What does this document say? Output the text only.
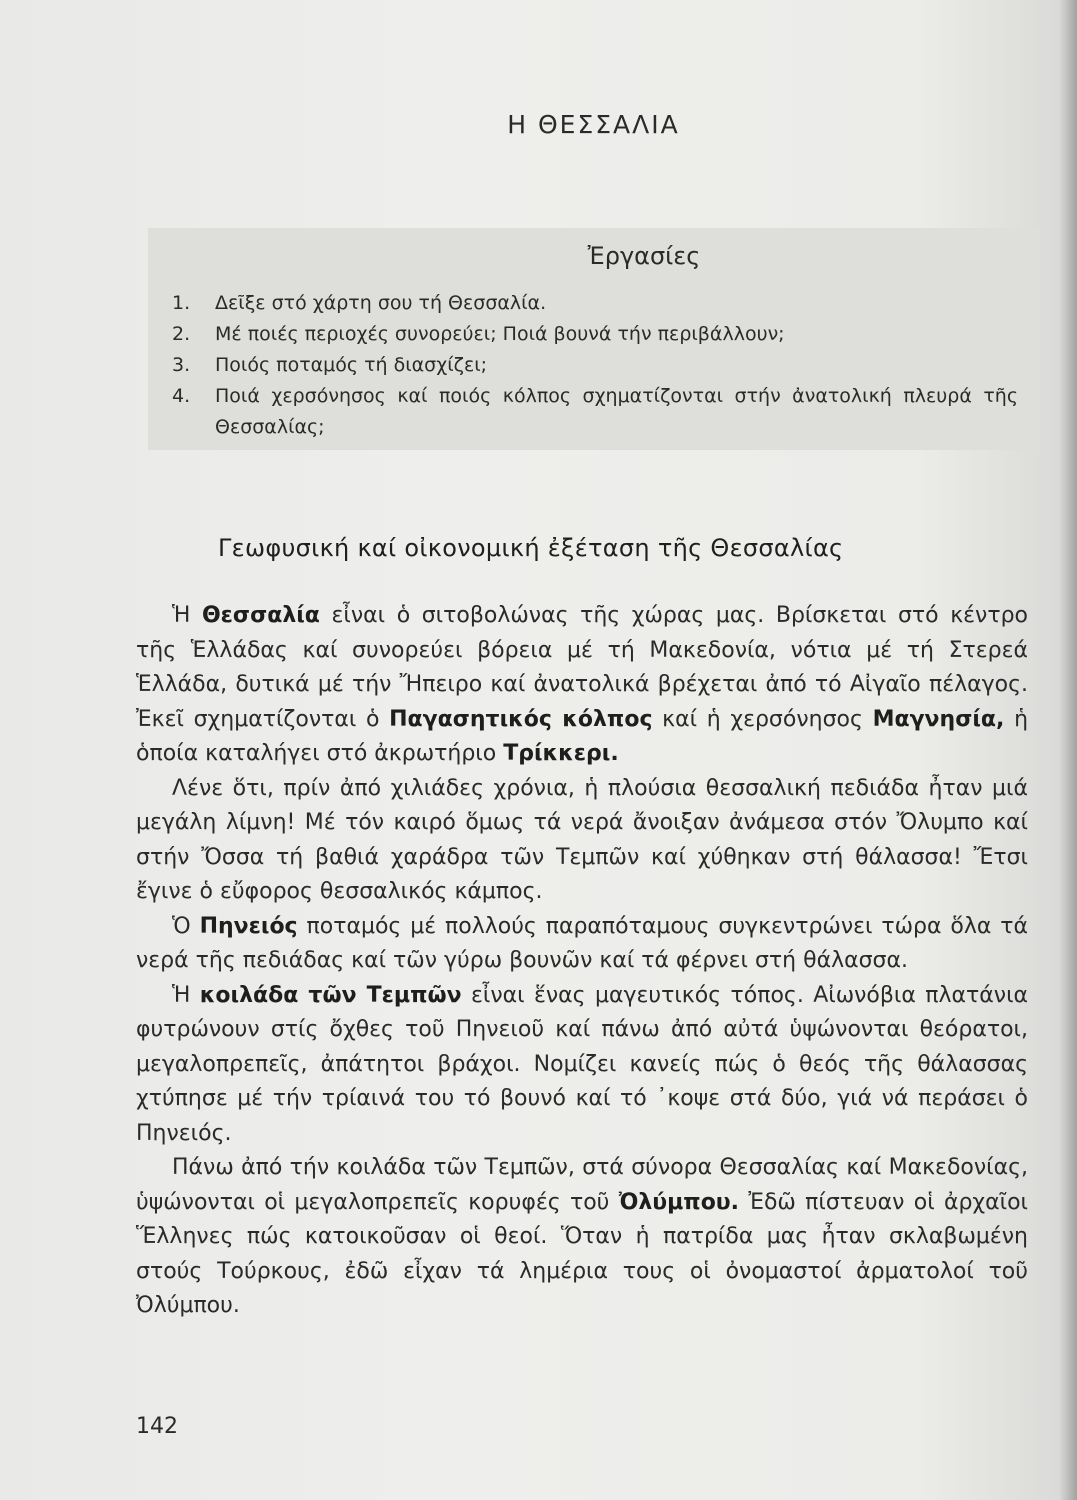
Η ΘΕΣΣΑΛΙΑ
Ἐργασίες
1.	Δεῖξε στό χάρτη σου τή Θεσσαλία.
2.	Μέ ποιές περιοχές συνορεύει; Ποιά βουνά τήν περιβάλλουν;
3.	Ποιός ποταμός τή διασχίζει;
4.	Ποιά χερσόνησος καί ποιός κόλπος σχηματίζονται στήν ἀνατολική πλευρά τῆς Θεσσαλίας;
Γεωφυσική καί οἰκονομική ἐξέταση τῆς Θεσσαλίας

Ἡ Θεσσαλία εἶναι ὁ σιτοβολώνας τῆς χώρας μας. Βρίσκεται στό κέντρο τῆς Ἑλλάδας καί συνορεύει βόρεια μέ τή Μακεδονία, νότια μέ τή Στερεά Ἑλλάδα, δυτικά μέ τήν Ἤπειρο καί ἀνατολικά βρέχεται ἀπό τό Αἰγαῖο πέλαγος. Ἐκεῖ σχηματίζονται ὁ Παγασητικός κόλπος καί ἡ χερσόνησος Μαγνησία, ἡ ὁποία καταλήγει στό ἀκρωτήριο Τρίκκερι.

Λένε ὅτι, πρίν ἀπό χιλιάδες χρόνια, ἡ πλούσια θεσσαλική πεδιάδα ἦταν μιά μεγάλη λίμνη! Μέ τόν καιρό ὅμως τά νερά ἄνοιξαν ἀνάμεσα στόν Ὄλυμπο καί στήν Ὄσσα τή βαθιά χαράδρα τῶν Τεμπῶν καί χύθηκαν στή θάλασσα! Ἔτσι ἔγινε ὁ εὔφορος θεσσαλικός κάμπος.

Ὁ Πηνειός ποταμός μέ πολλούς παραπόταμους συγκεντρώνει τώρα ὅλα τά νερά τῆς πεδιάδας καί τῶν γύρω βουνῶν καί τά φέρνει στή θάλασσα.

Ἡ κοιλάδα τῶν Τεμπῶν εἶναι ἕνας μαγευτικός τόπος. Αἰωνόβια πλατάνια φυτρώνουν στίς ὄχθες τοῦ Πηνειοῦ καί πάνω ἀπό αὐτά ὑψώνονται θεόρατοι, μεγαλοπρεπεῖς, ἀπάτητοι βράχοι. Νομίζει κανείς πώς ὁ θεός τῆς θάλασσας χτύπησε μέ τήν τρίαινά του τό βουνό καί τό ᾽κοψε στά δύο, γιά νά περάσει ὁ Πηνειός.

Πάνω ἀπό τήν κοιλάδα τῶν Τεμπῶν, στά σύνορα Θεσσαλίας καί Μακεδονίας, ὑψώνονται οἱ μεγαλοπρεπεῖς κορυφές τοῦ Ὀλύμπου. Ἐδῶ πίστευαν οἱ ἀρχαῖοι Ἕλληνες πώς κατοικοῦσαν οἱ θεοί. Ὅταν ἡ πατρίδα μας ἦταν σκλαβωμένη στούς Τούρκους, ἐδῶ εἶχαν τά λημέρια τους οἱ ὀνομαστοί ἀρματολοί τοῦ Ὀλύμπου.

142
